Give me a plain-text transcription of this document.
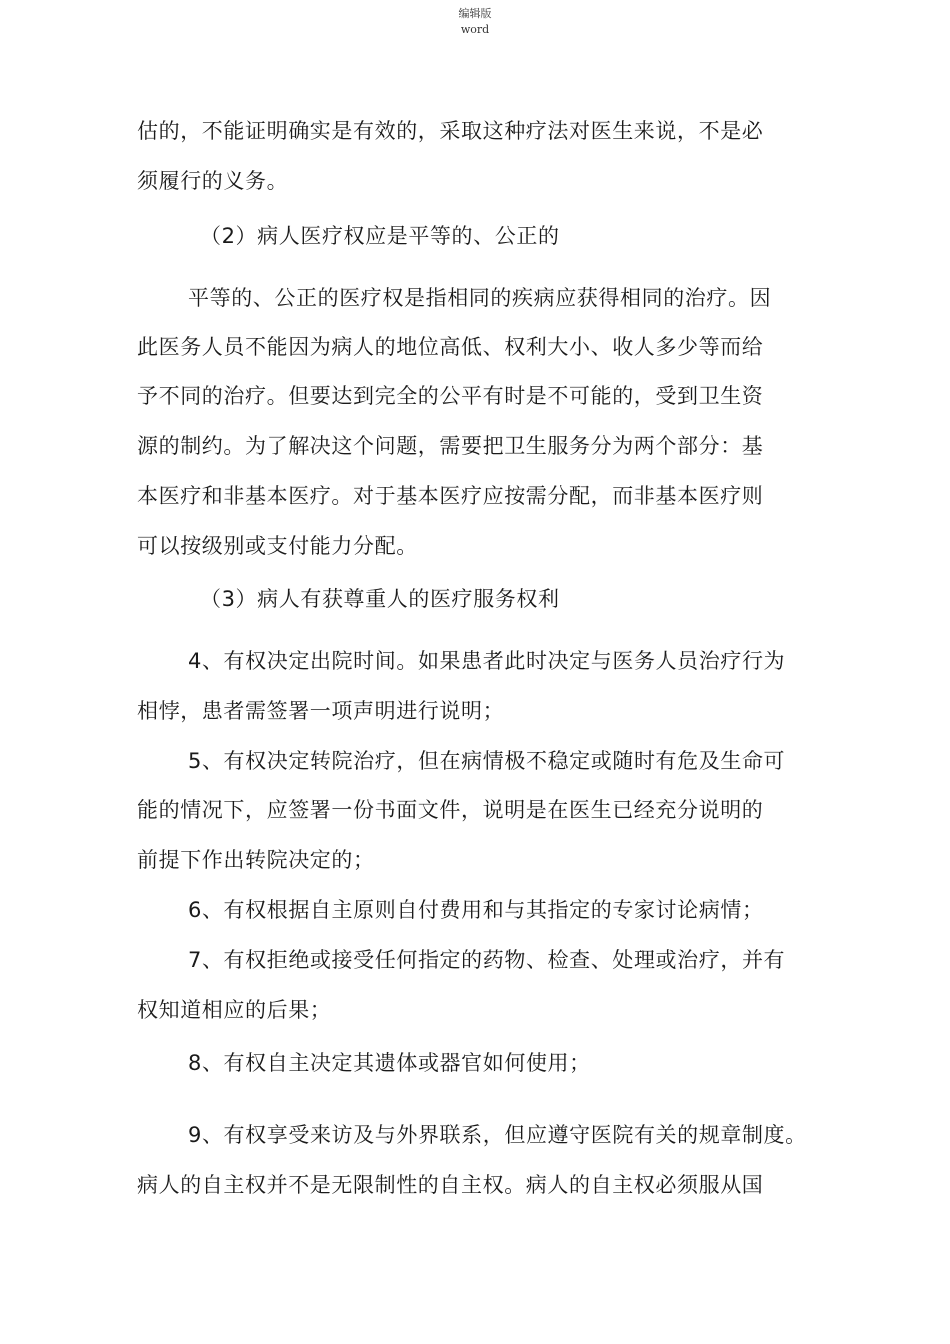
编辑版
word
估的，不能证明确实是有效的，采取这种疗法对医生来说，不是必
须履行的义务。
（2）病人医疗权应是平等的、公正的
平等的、公正的医疗权是指相同的疾病应获得相同的治疗。因
此医务人员不能因为病人的地位高低、权利大小、收人多少等而给
予不同的治疗。但要达到完全的公平有时是不可能的，受到卫生资
源的制约。为了解决这个问题，需要把卫生服务分为两个部分：基
本医疗和非基本医疗。对于基本医疗应按需分配，而非基本医疗则
可以按级别或支付能力分配。
（3）病人有获尊重人的医疗服务权利
4、有权决定出院时间。如果患者此时决定与医务人员治疗行为
相悖，患者需签署一项声明进行说明；
5、有权决定转院治疗，但在病情极不稳定或随时有危及生命可
能的情况下，应签署一份书面文件，说明是在医生已经充分说明的
前提下作出转院决定的；
6、有权根据自主原则自付费用和与其指定的专家讨论病情；
7、有权拒绝或接受任何指定的药物、检查、处理或治疗，并有
权知道相应的后果；
8、有权自主决定其遗体或器官如何使用；
9、有权享受来访及与外界联系，但应遵守医院有关的规章制度。
病人的自主权并不是无限制性的自主权。病人的自主权必须服从国
